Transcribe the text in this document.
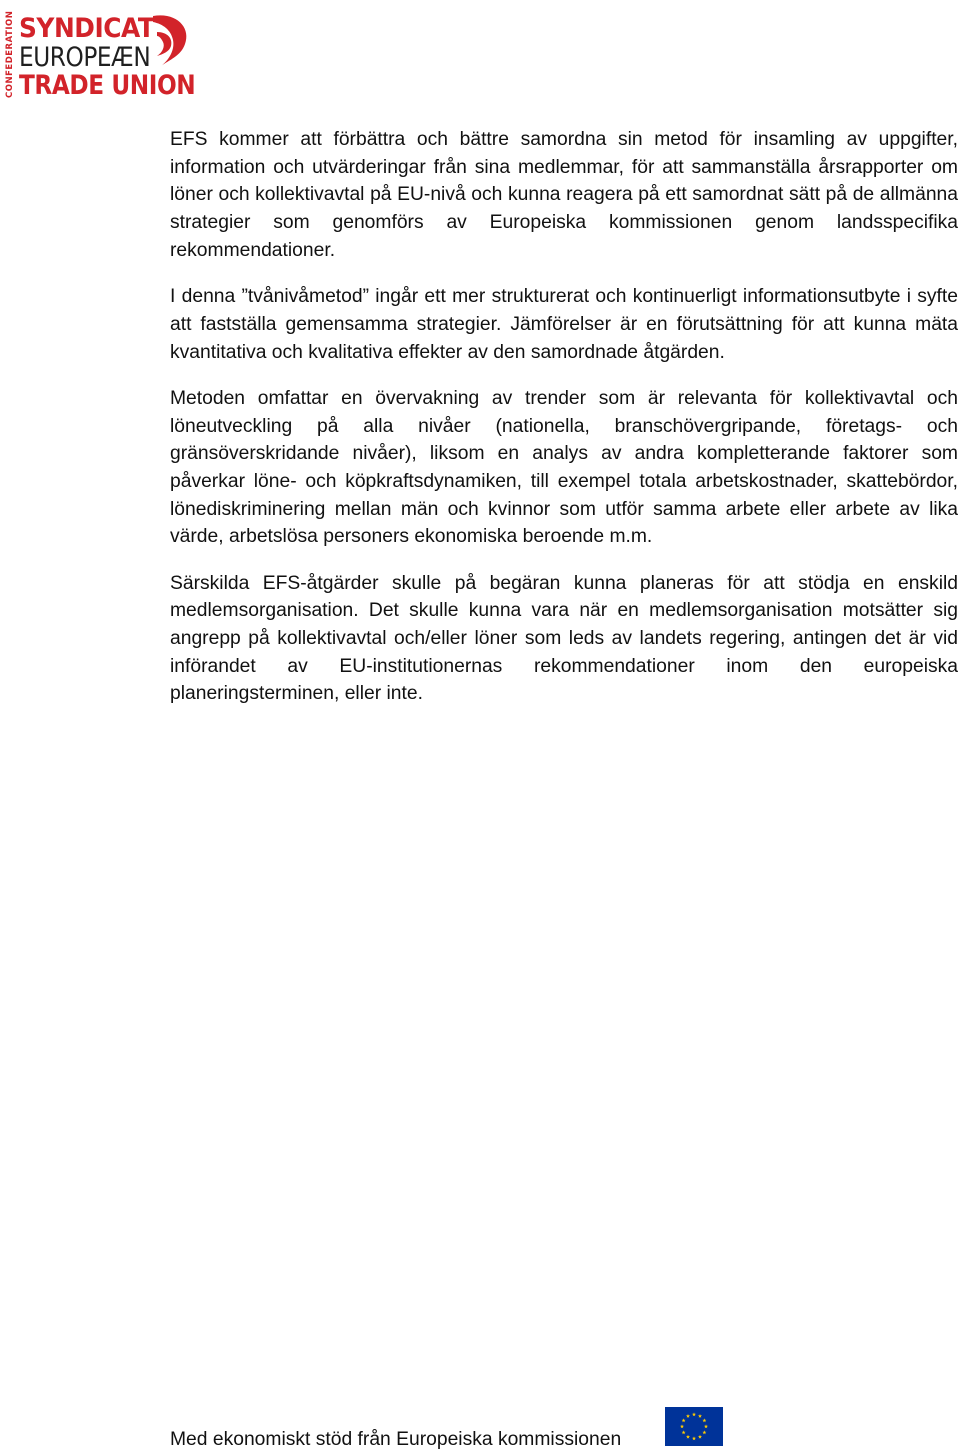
CONFEDERATION SYNDICAT
EUROPEÆN
TRADE UNION

EFS kommer att förbättra och bättre samordna sin metod för insamling av uppgifter, information och utvärderingar från sina medlemmar, för att sammanställa årsrapporter om löner och kollektivavtal på EU-nivå och kunna reagera på ett samordnat sätt på de allmänna strategier som genomförs av Europeiska kommissionen genom landsspecifika rekommendationer.

I denna ”tvånivåmetod” ingår ett mer strukturerat och kontinuerligt informationsutbyte i syfte att fastställa gemensamma strategier. Jämförelser är en förutsättning för att kunna mäta kvantitativa och kvalitativa effekter av den samordnade åtgärden.

Metoden omfattar en övervakning av trender som är relevanta för kollektivavtal och löneutveckling på alla nivåer (nationella, branschövergripande, företags- och gränsöverskridande nivåer), liksom en analys av andra kompletterande faktorer som påverkar löne- och köpkraftsdynamiken, till exempel totala arbetskostnader, skattebördor, lönediskriminering mellan män och kvinnor som utför samma arbete eller arbete av lika värde, arbetslösa personers ekonomiska beroende m.m.

Särskilda EFS-åtgärder skulle på begäran kunna planeras för att stödja en enskild medlemsorganisation. Det skulle kunna vara när en medlemsorganisation motsätter sig angrepp på kollektivavtal och/eller löner som leds av landets regering, antingen det är vid införandet av EU-institutionernas rekommendationer inom den europeiska planeringsterminen, eller inte.

Med ekonomiskt stöd från Europeiska kommissionen
